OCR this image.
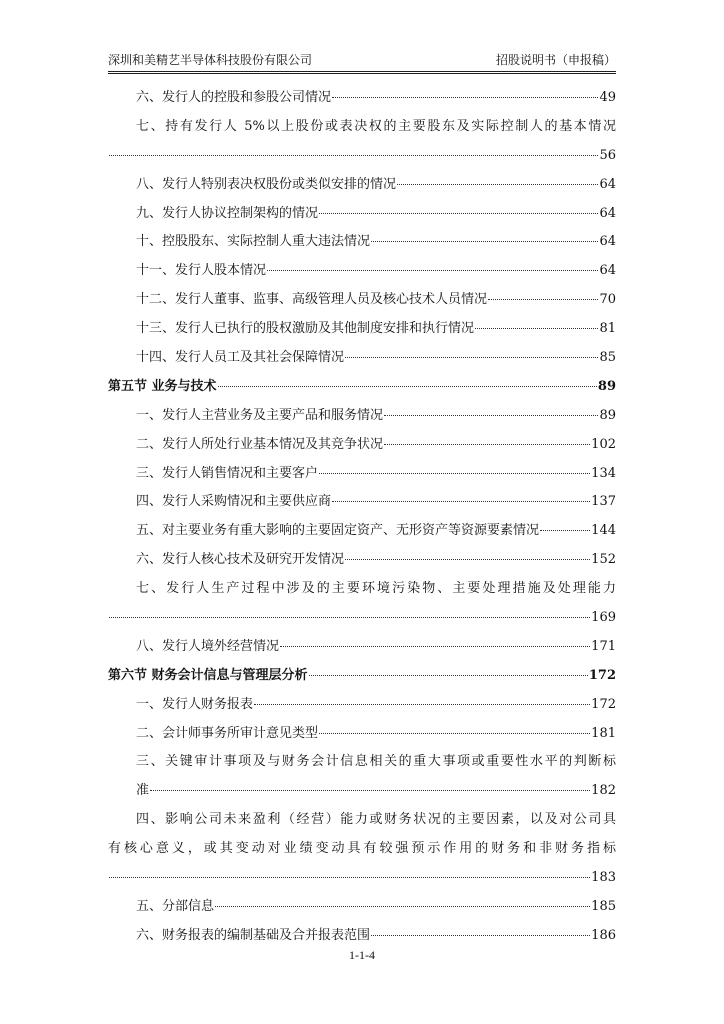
深圳和美精艺半导体科技股份有限公司	招股说明书（申报稿）
六、发行人的控股和参股公司情况	49
七、持有发行人 5%以上股份或表决权的主要股东及实际控制人的基本情况
56
八、发行人特别表决权股份或类似安排的情况	64
九、发行人协议控制架构的情况	64
十、控股股东、实际控制人重大违法情况	64
十一、发行人股本情况	64
十二、发行人董事、监事、高级管理人员及核心技术人员情况	70
十三、发行人已执行的股权激励及其他制度安排和执行情况	81
十四、发行人员工及其社会保障情况	85
第五节 业务与技术	89
一、发行人主营业务及主要产品和服务情况	89
二、发行人所处行业基本情况及其竞争状况	102
三、发行人销售情况和主要客户	134
四、发行人采购情况和主要供应商	137
五、对主要业务有重大影响的主要固定资产、无形资产等资源要素情况	144
六、发行人核心技术及研究开发情况	152
七、发行人生产过程中涉及的主要环境污染物、主要处理措施及处理能力
169
八、发行人境外经营情况	171
第六节 财务会计信息与管理层分析	172
一、发行人财务报表	172
二、会计师事务所审计意见类型	181
三、关键审计事项及与财务会计信息相关的重大事项或重要性水平的判断标
准	182
四、影响公司未来盈利（经营）能力或财务状况的主要因素，以及对公司具
有核心意义，或其变动对业绩变动具有较强预示作用的财务和非财务指标
183
五、分部信息	185
六、财务报表的编制基础及合并报表范围	186
1-1-4
